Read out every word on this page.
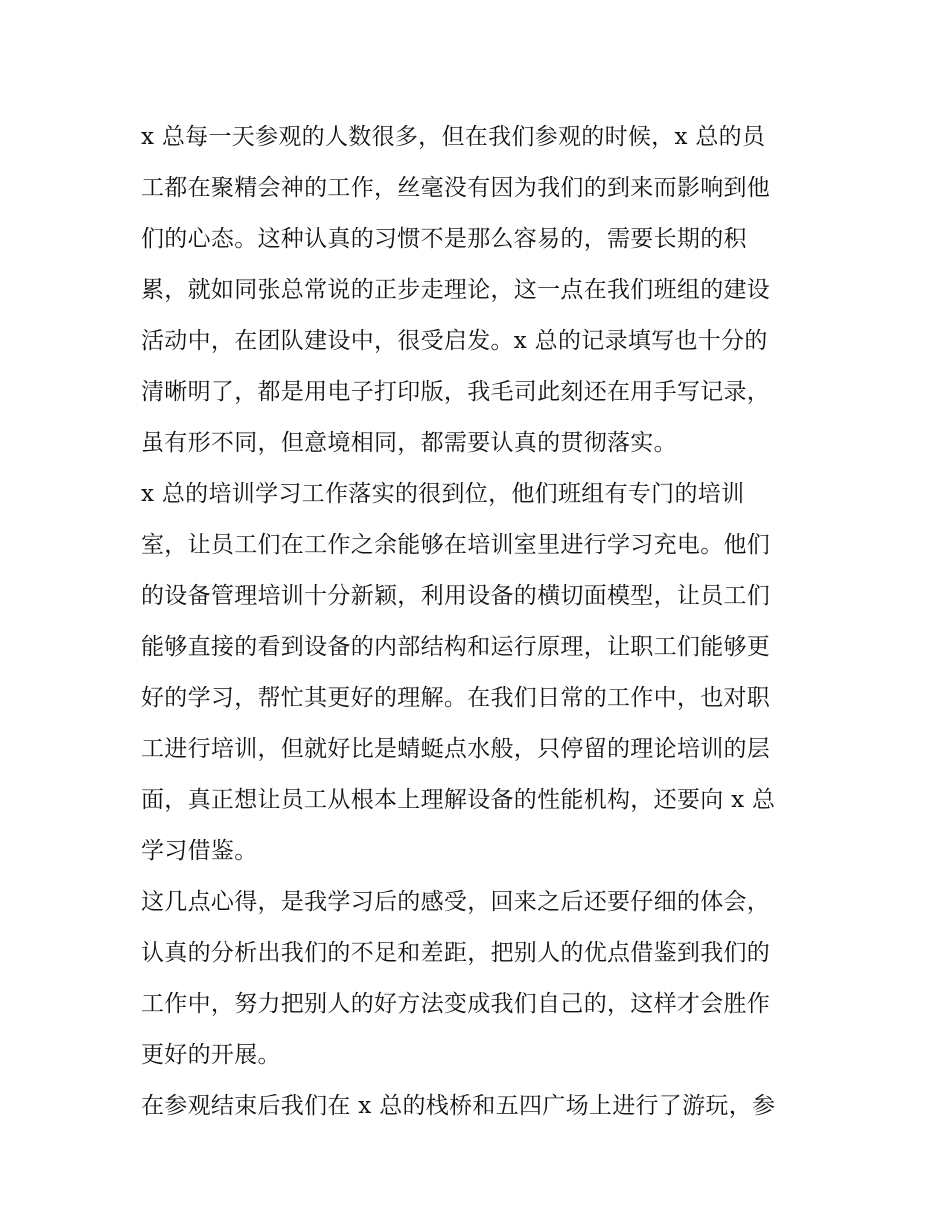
x 总每一天参观的人数很多，但在我们参观的时候，x 总的员
工都在聚精会神的工作，丝毫没有因为我们的到来而影响到他
们的心态。这种认真的习惯不是那么容易的，需要长期的积
累，就如同张总常说的正步走理论，这一点在我们班组的建设
活动中，在团队建设中，很受启发。x 总的记录填写也十分的
清晰明了，都是用电子打印版，我毛司此刻还在用手写记录，
虽有形不同，但意境相同，都需要认真的贯彻落实。
x 总的培训学习工作落实的很到位，他们班组有专门的培训
室，让员工们在工作之余能够在培训室里进行学习充电。他们
的设备管理培训十分新颖，利用设备的横切面模型，让员工们
能够直接的看到设备的内部结构和运行原理，让职工们能够更
好的学习，帮忙其更好的理解。在我们日常的工作中，也对职
工进行培训，但就好比是蜻蜓点水般，只停留的理论培训的层
面，真正想让员工从根本上理解设备的性能机构，还要向 x 总
学习借鉴。
这几点心得，是我学习后的感受，回来之后还要仔细的体会，
认真的分析出我们的不足和差距，把别人的优点借鉴到我们的
工作中，努力把别人的好方法变成我们自己的，这样才会胜作
更好的开展。
在参观结束后我们在 x 总的栈桥和五四广场上进行了游玩，参
